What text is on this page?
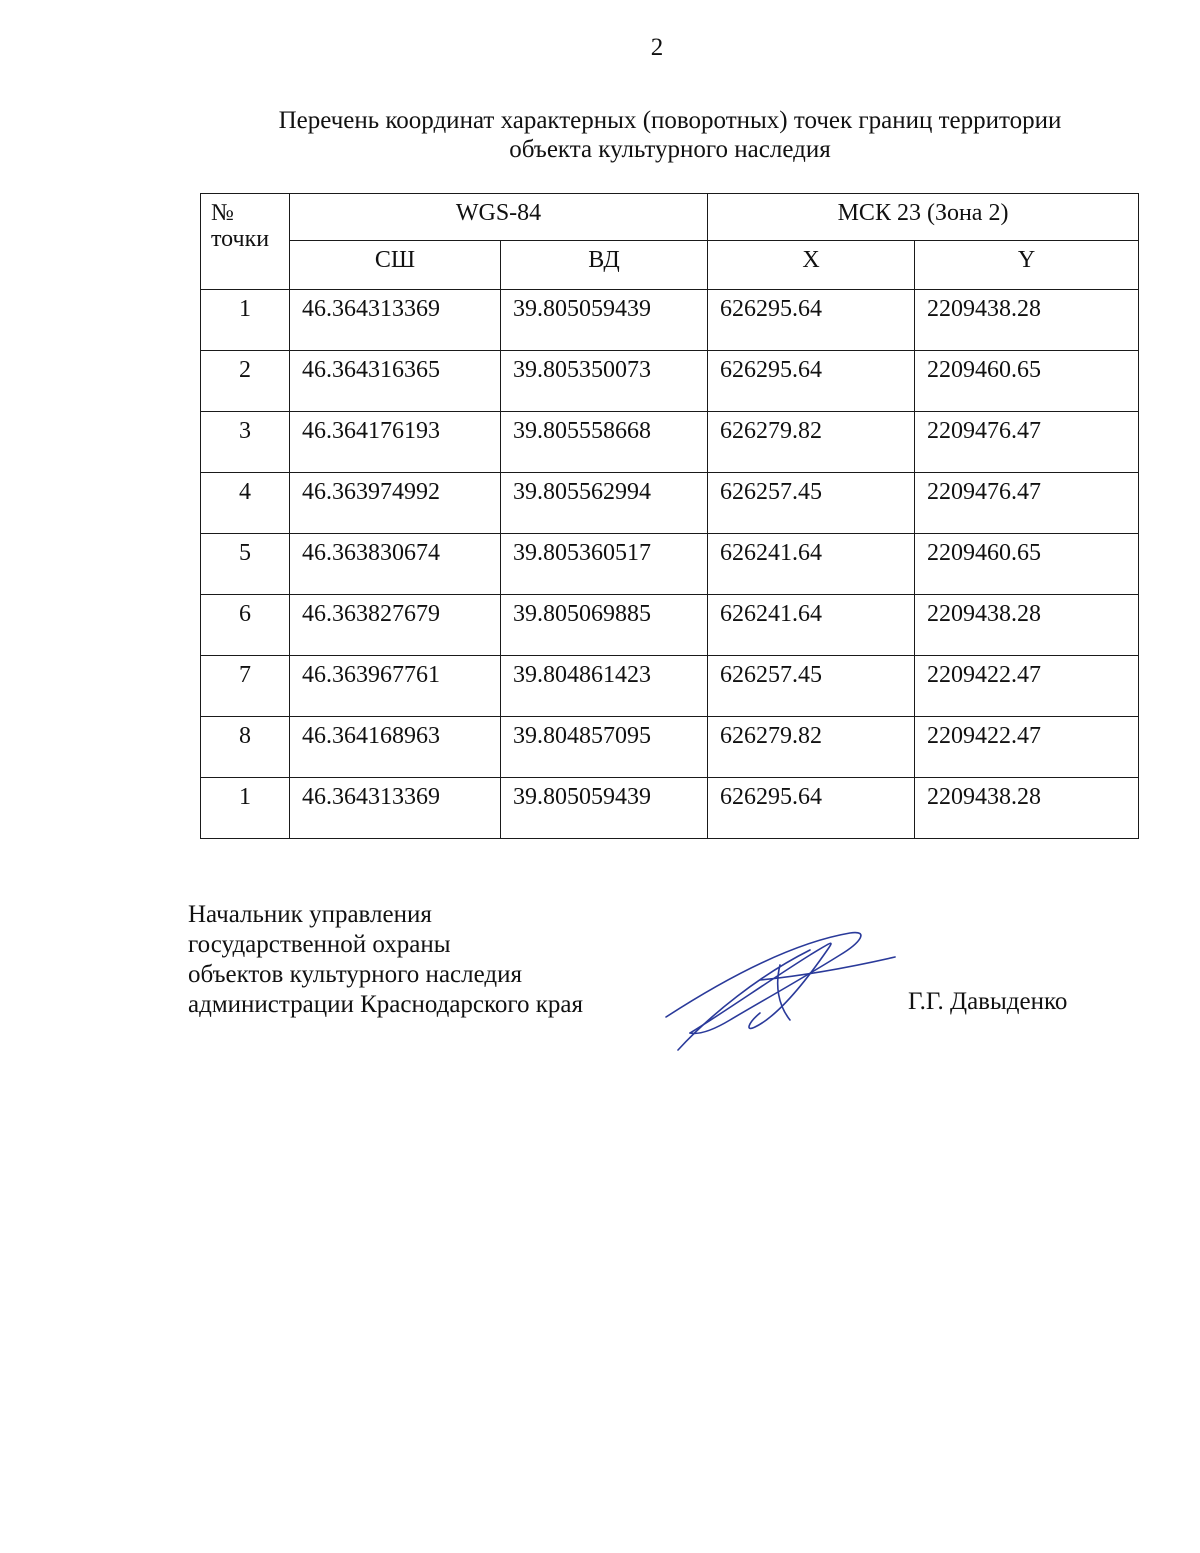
2
Перечень координат характерных (поворотных) точек границ территории
объекта культурного наследия
№ точки	WGS-84		МСК 23 (Зона 2)	
	СШ	ВД	X	Y
1	46.364313369	39.805059439	626295.64	2209438.28
2	46.364316365	39.805350073	626295.64	2209460.65
3	46.364176193	39.805558668	626279.82	2209476.47
4	46.363974992	39.805562994	626257.45	2209476.47
5	46.363830674	39.805360517	626241.64	2209460.65
6	46.363827679	39.805069885	626241.64	2209438.28
7	46.363967761	39.804861423	626257.45	2209422.47
8	46.364168963	39.804857095	626279.82	2209422.47
1	46.364313369	39.805059439	626295.64	2209438.28
Начальник управления
государственной охраны
объектов культурного наследия
администрации Краснодарского края	Г.Г. Давыденко
